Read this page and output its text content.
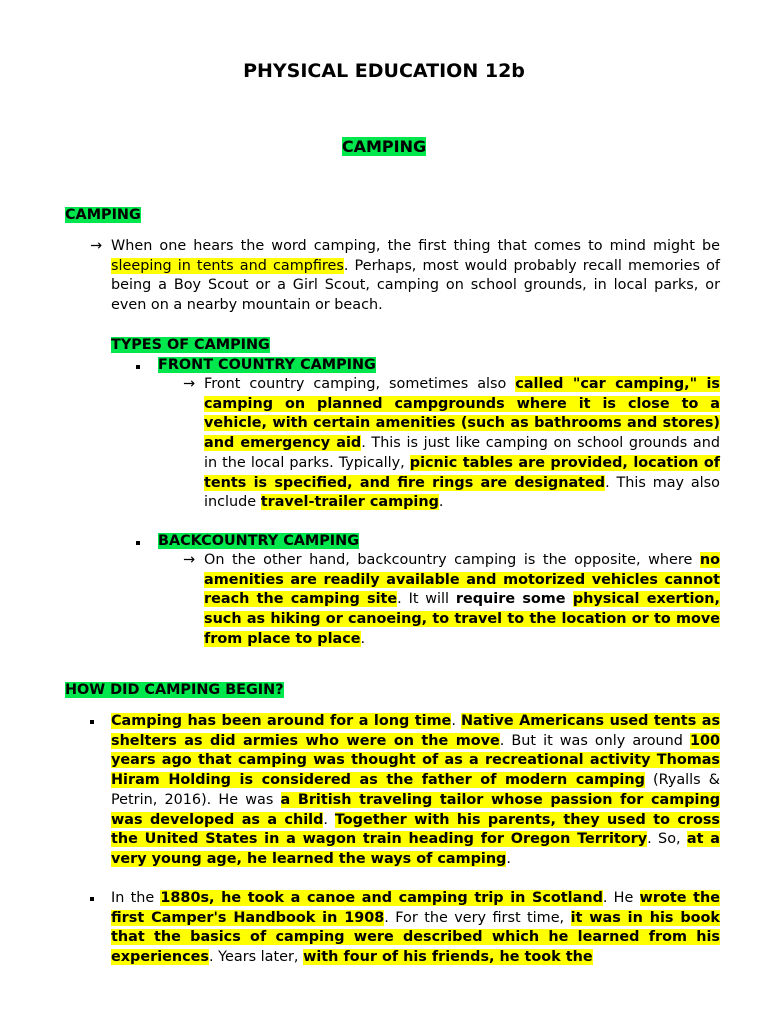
PHYSICAL EDUCATION 12b
CAMPING
CAMPING
→ When one hears the word camping, the first thing that comes to mind might be sleeping in tents and campfires. Perhaps, most would probably recall memories of being a Boy Scout or a Girl Scout, camping on school grounds, in local parks, or even on a nearby mountain or beach.
TYPES OF CAMPING
FRONT COUNTRY CAMPING
→ Front country camping, sometimes also called "car camping," is camping on planned campgrounds where it is close to a vehicle, with certain amenities (such as bathrooms and stores) and emergency aid. This is just like camping on school grounds and in the local parks. Typically, picnic tables are provided, location of tents is specified, and fire rings are designated. This may also include travel-trailer camping.
BACKCOUNTRY CAMPING
→ On the other hand, backcountry camping is the opposite, where no amenities are readily available and motorized vehicles cannot reach the camping site. It will require some physical exertion, such as hiking or canoeing, to travel to the location or to move from place to place.
HOW DID CAMPING BEGIN?
Camping has been around for a long time. Native Americans used tents as shelters as did armies who were on the move. But it was only around 100 years ago that camping was thought of as a recreational activity Thomas Hiram Holding is considered as the father of modern camping (Ryalls & Petrin, 2016). He was a British traveling tailor whose passion for camping was developed as a child. Together with his parents, they used to cross the United States in a wagon train heading for Oregon Territory. So, at a very young age, he learned the ways of camping.
In the 1880s, he took a canoe and camping trip in Scotland. He wrote the first Camper's Handbook in 1908. For the very first time, it was in his book that the basics of camping were described which he learned from his experiences. Years later, with four of his friends, he took the
